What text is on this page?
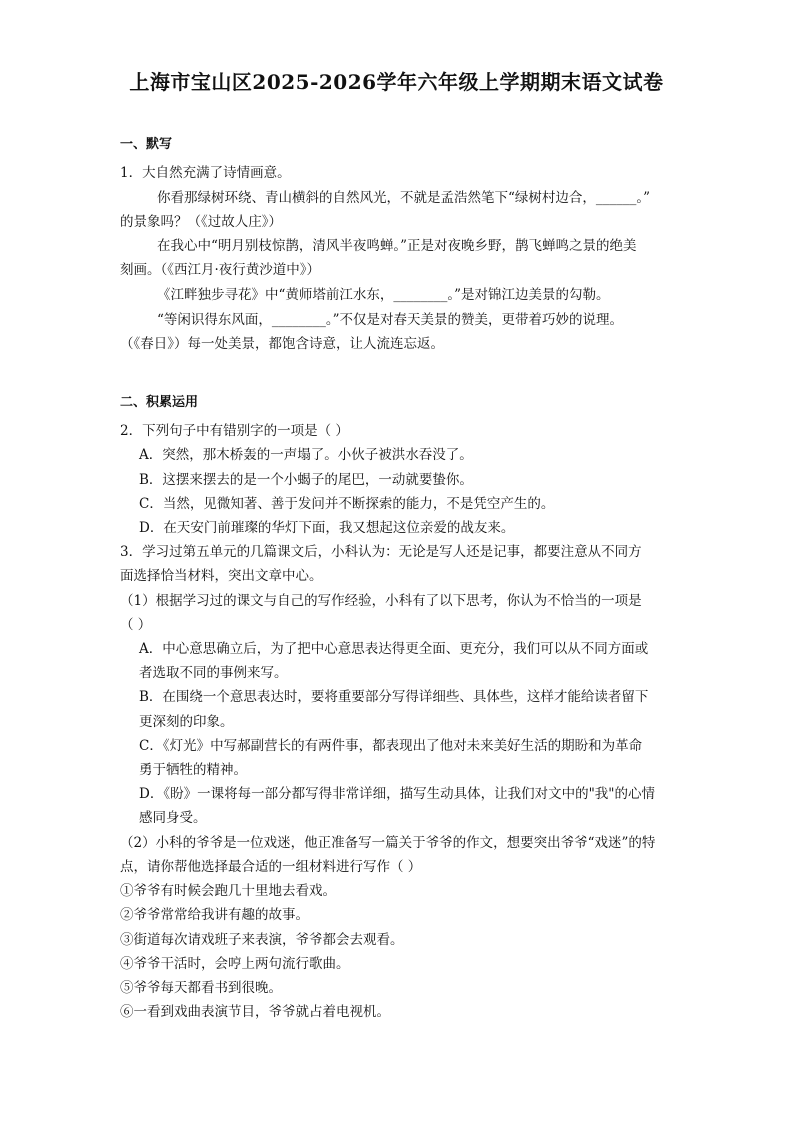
上海市宝山区2025-2026学年六年级上学期期末语文试卷
一、默写
1．大自然充满了诗情画意。
你看那绿树环绕、青山横斜的自然风光，不就是孟浩然笔下“绿树村边合，______。”
的景象吗？（《过故人庄》）
在我心中“明月别枝惊鹊，清风半夜鸣蝉。”正是对夜晚乡野，鹊飞蝉鸣之景的绝美
刻画。（《西江月·夜行黄沙道中》）
《江畔独步寻花》中“黄师塔前江水东，________。”是对锦江边美景的勾勒。
“等闲识得东风面，________。”不仅是对春天美景的赞美，更带着巧妙的说理。
（《春日》）每一处美景，都饱含诗意，让人流连忘返。
二、积累运用
2．下列句子中有错别字的一项是（ ）
A．突然，那木桥轰的一声塌了。小伙子被洪水吞没了。
B．这摆来摆去的是一个小蝎子的尾巴，一动就要蛰你。
C．当然，见微知著、善于发问并不断探索的能力，不是凭空产生的。
D．在天安门前璀璨的华灯下面，我又想起这位亲爱的战友来。
3．学习过第五单元的几篇课文后，小科认为：无论是写人还是记事，都要注意从不同方
面选择恰当材料，突出文章中心。
（1）根据学习过的课文与自己的写作经验，小科有了以下思考，你认为不恰当的一项是
（ ）
A．中心意思确立后，为了把中心意思表达得更全面、更充分，我们可以从不同方面或
者选取不同的事例来写。
B．在围绕一个意思表达时，要将重要部分写得详细些、具体些，这样才能给读者留下
更深刻的印象。
C．《灯光》中写郝副营长的有两件事，都表现出了他对未来美好生活的期盼和为革命
勇于牺牲的精神。
D．《盼》一课将每一部分都写得非常详细，描写生动具体，让我们对文中的"我"的心情
感同身受。
（2）小科的爷爷是一位戏迷，他正准备写一篇关于爷爷的作文，想要突出爷爷“戏迷”的特
点，请你帮他选择最合适的一组材料进行写作（ ）
①爷爷有时候会跑几十里地去看戏。
②爷爷常常给我讲有趣的故事。
③街道每次请戏班子来表演，爷爷都会去观看。
④爷爷干活时，会哼上两句流行歌曲。
⑤爷爷每天都看书到很晚。
⑥一看到戏曲表演节目，爷爷就占着电视机。
